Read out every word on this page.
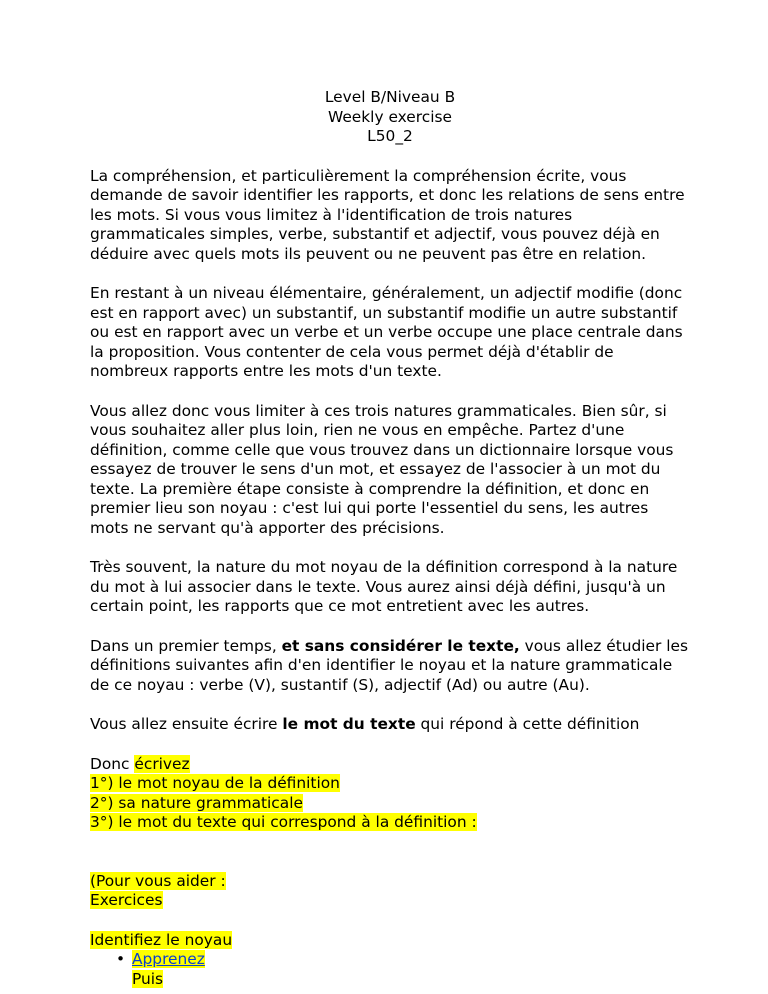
Level B/Niveau B
Weekly exercise
L50_2

La compréhension, et particulièrement la compréhension écrite, vous demande de savoir identifier les rapports, et donc les relations de sens entre les mots. Si vous vous limitez à l'identification de trois natures grammaticales simples, verbe, substantif et adjectif, vous pouvez déjà en déduire avec quels mots ils peuvent ou ne peuvent pas être en relation.

En restant à un niveau élémentaire, généralement, un adjectif modifie (donc est en rapport avec) un substantif, un substantif modifie un autre substantif ou est en rapport avec un verbe et un verbe occupe une place centrale dans la proposition. Vous contenter de cela vous permet déjà d'établir de nombreux rapports entre les mots d'un texte.

Vous allez donc vous limiter à ces trois natures grammaticales. Bien sûr, si vous souhaitez aller plus loin, rien ne vous en empêche. Partez d'une définition, comme celle que vous trouvez dans un dictionnaire lorsque vous essayez de trouver le sens d'un mot, et essayez de l'associer à un mot du texte. La première étape consiste à comprendre la définition, et donc en premier lieu son noyau : c'est lui qui porte l'essentiel du sens, les autres mots ne servant qu'à apporter des précisions.

Très souvent, la nature du mot noyau de la définition correspond à la nature du mot à lui associer dans le texte. Vous aurez ainsi déjà défini, jusqu'à un certain point, les rapports que ce mot entretient avec les autres.

Dans un premier temps, et sans considérer le texte, vous allez étudier les définitions suivantes afin d'en identifier le noyau et la nature grammaticale de ce noyau : verbe (V), sustantif (S), adjectif (Ad) ou autre (Au).

Vous allez ensuite écrire le mot du texte qui répond à cette définition

Donc écrivez
1°) le mot noyau de la définition
2°) sa nature grammaticale
3°) le mot du texte qui correspond à la définition :
(Pour vous aider :
Exercices
Identifiez le noyau
• Apprenez
Puis
